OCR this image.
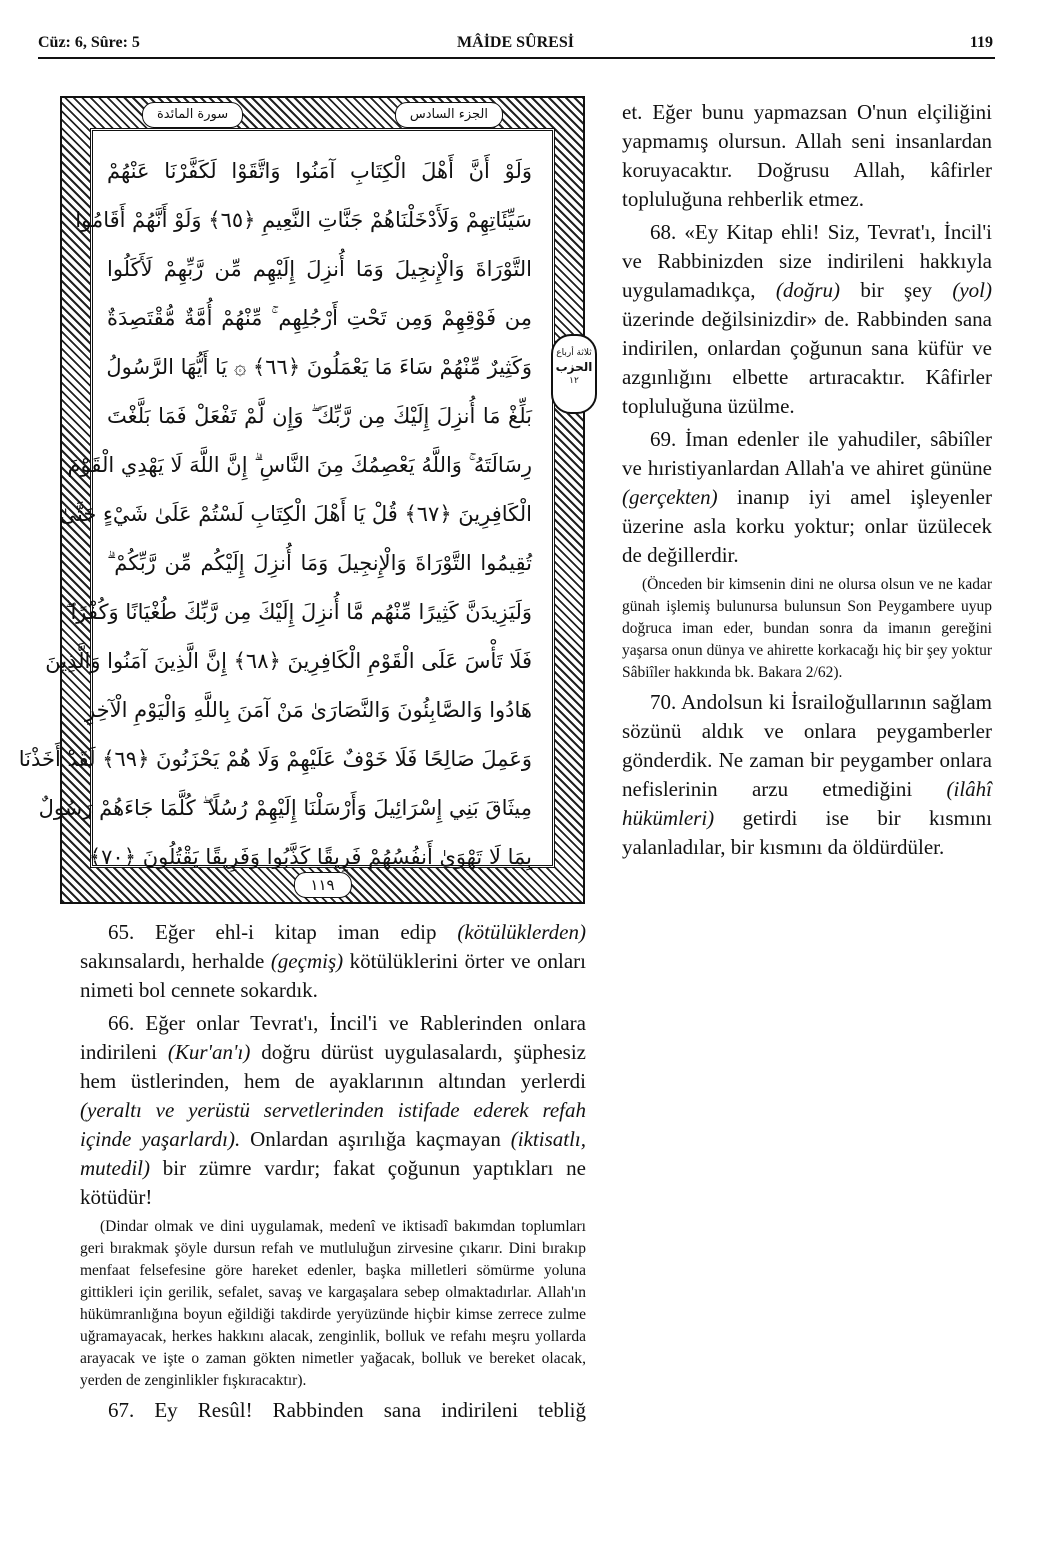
Cüz: 6, Sûre: 5	MÂİDE SÛRESİ	119
سورة المائدة	الجزء السادس
وَلَوْ أَنَّ أَهْلَ الْكِتَابِ آمَنُوا وَاتَّقَوْا لَكَفَّرْنَا عَنْهُمْ
سَيِّئَاتِهِمْ وَلَأَدْخَلْنَاهُمْ جَنَّاتِ النَّعِيمِ ﴿٦٥﴾ وَلَوْ أَنَّهُمْ أَقَامُوا
التَّوْرَاةَ وَالْإِنجِيلَ وَمَا أُنزِلَ إِلَيْهِم مِّن رَّبِّهِمْ لَأَكَلُوا
مِن فَوْقِهِمْ وَمِن تَحْتِ أَرْجُلِهِم ۚ مِّنْهُمْ أُمَّةٌ مُّقْتَصِدَةٌ
وَكَثِيرٌ مِّنْهُمْ سَاءَ مَا يَعْمَلُونَ ﴿٦٦﴾ ۞ يَا أَيُّهَا الرَّسُولُ
بَلِّغْ مَا أُنزِلَ إِلَيْكَ مِن رَّبِّكَ ۖ وَإِن لَّمْ تَفْعَلْ فَمَا بَلَّغْتَ
رِسَالَتَهُ ۚ وَاللَّهُ يَعْصِمُكَ مِنَ النَّاسِ ۗ إِنَّ اللَّهَ لَا يَهْدِي الْقَوْمَ
الْكَافِرِينَ ﴿٦٧﴾ قُلْ يَا أَهْلَ الْكِتَابِ لَسْتُمْ عَلَىٰ شَيْءٍ حَتَّىٰ
تُقِيمُوا التَّوْرَاةَ وَالْإِنجِيلَ وَمَا أُنزِلَ إِلَيْكُم مِّن رَّبِّكُمْ ۗ
وَلَيَزِيدَنَّ كَثِيرًا مِّنْهُم مَّا أُنزِلَ إِلَيْكَ مِن رَّبِّكَ طُغْيَانًا وَكُفْرًا ۖ
فَلَا تَأْسَ عَلَى الْقَوْمِ الْكَافِرِينَ ﴿٦٨﴾ إِنَّ الَّذِينَ آمَنُوا وَالَّذِينَ
هَادُوا وَالصَّابِئُونَ وَالنَّصَارَىٰ مَنْ آمَنَ بِاللَّهِ وَالْيَوْمِ الْآخِرِ
وَعَمِلَ صَالِحًا فَلَا خَوْفٌ عَلَيْهِمْ وَلَا هُمْ يَحْزَنُونَ ﴿٦٩﴾ لَقَدْ أَخَذْنَا
مِيثَاقَ بَنِي إِسْرَائِيلَ وَأَرْسَلْنَا إِلَيْهِمْ رُسُلًا ۖ كُلَّمَا جَاءَهُمْ رَسُولٌ
بِمَا لَا تَهْوَىٰ أَنفُسُهُمْ فَرِيقًا كَذَّبُوا وَفَرِيقًا يَقْتُلُونَ ﴿٧٠﴾
ثلاثة أرباع
الحزب
١٢
١١٩

65. Eğer ehl-i kitap iman edip (kötülüklerden) sakınsalardı, herhalde (geçmiş) kötülüklerini örter ve onları nimeti bol cennete sokardık.

66. Eğer onlar Tevrat'ı, İncil'i ve Rablerinden onlara indirileni (Kur'an'ı) doğru dürüst uygulasalardı, şüphesiz hem üstlerinden, hem de ayaklarının altından yerlerdi (yeraltı ve yerüstü servetlerinden istifade ederek refah içinde yaşarlardı). Onlardan aşırılığa kaçmayan (iktisatlı, mutedil) bir zümre vardır; fakat çoğunun yaptıkları ne kötüdür!

(Dindar olmak ve dini uygulamak, medenî ve iktisadî bakımdan toplumları geri bırakmak şöyle dursun refah ve mutluluğun zirvesine çıkarır. Dini bırakıp menfaat felsefesine göre hareket edenler, başka milletleri sömürme yoluna gittikleri için gerilik, sefalet, savaş ve kargaşalara sebep olmaktadırlar. Allah'ın hükümranlığına boyun eğildiği takdirde yeryüzünde hiçbir kimse zerrece zulme uğramayacak, herkes hakkını alacak, zenginlik, bolluk ve refahı meşru yollarda arayacak ve işte o zaman gökten nimetler yağacak, bolluk ve bereket olacak, yerden de zenginlikler fışkıracaktır).

67. Ey Resûl! Rabbinden sana indirileni tebliğ

et. Eğer bunu yapmazsan O'nun elçiliğini yapmamış olursun. Allah seni insanlardan koruyacaktır. Doğrusu Allah, kâfirler topluluğuna rehberlik etmez.

68. «Ey Kitap ehli! Siz, Tevrat'ı, İncil'i ve Rabbinizden size indirileni hakkıyla uygulamadıkça, (doğru) bir şey (yol) üzerinde değilsinizdir» de. Rabbinden sana indirilen, onlardan çoğunun sana küfür ve azgınlığını elbette artıracaktır. Kâfirler topluluğuna üzülme.

69. İman edenler ile yahudiler, sâbiîler ve hıristiyanlardan Allah'a ve ahiret gününe (gerçekten) inanıp iyi amel işleyenler üzerine asla korku yoktur; onlar üzülecek de değillerdir.

(Önceden bir kimsenin dini ne olursa olsun ve ne kadar günah işlemiş bulunursa bulunsun Son Peygambere uyup doğruca iman eder, bundan sonra da imanın gereğini yaşarsa onun dünya ve ahirette korkacağı hiç bir şey yoktur Sâbiîler hakkında bk. Bakara 2/62).

70. Andolsun ki İsrailoğullarının sağlam sözünü aldık ve onlara peygamberler gönderdik. Ne zaman bir peygamber onlara nefislerinin arzu etmediğini (ilâhî hükümleri) getirdi ise bir kısmını yalanladılar, bir kısmını da öldürdüler.
